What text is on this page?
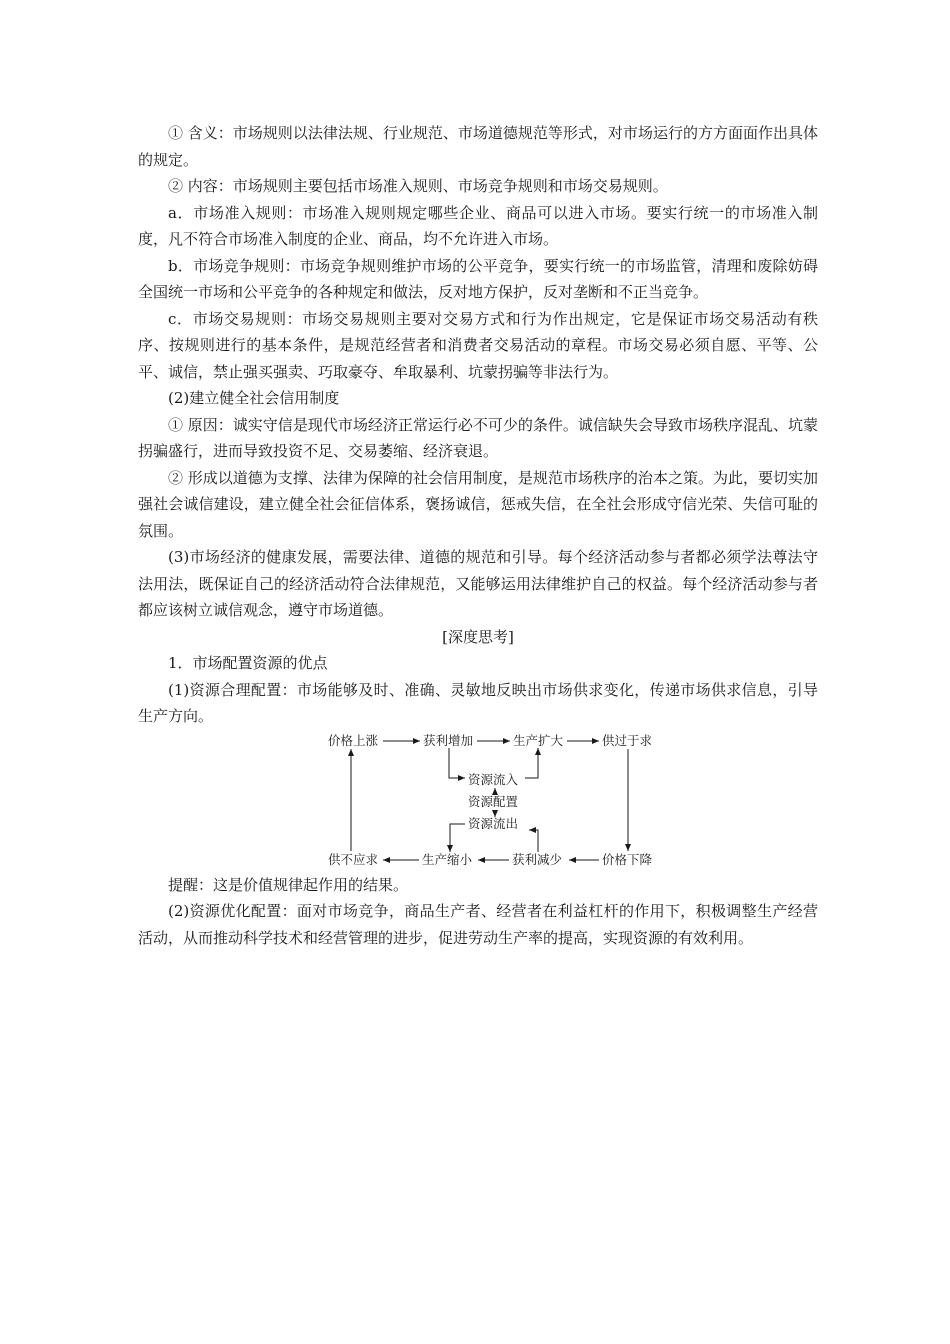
① 含义：市场规则以法律法规、行业规范、市场道德规范等形式，对市场运行的方方面面作出具体的规定。

② 内容：市场规则主要包括市场准入规则、市场竞争规则和市场交易规则。

a．市场准入规则：市场准入规则规定哪些企业、商品可以进入市场。要实行统一的市场准入制度，凡不符合市场准入制度的企业、商品，均不允许进入市场。

b．市场竞争规则：市场竞争规则维护市场的公平竞争，要实行统一的市场监管，清理和废除妨碍全国统一市场和公平竞争的各种规定和做法，反对地方保护，反对垄断和不正当竞争。

c．市场交易规则：市场交易规则主要对交易方式和行为作出规定，它是保证市场交易活动有秩序、按规则进行的基本条件，是规范经营者和消费者交易活动的章程。市场交易必须自愿、平等、公平、诚信，禁止强买强卖、巧取豪夺、牟取暴利、坑蒙拐骗等非法行为。

(2)建立健全社会信用制度

① 原因：诚实守信是现代市场经济正常运行必不可少的条件。诚信缺失会导致市场秩序混乱、坑蒙拐骗盛行，进而导致投资不足、交易萎缩、经济衰退。

② 形成以道德为支撑、法律为保障的社会信用制度，是规范市场秩序的治本之策。为此，要切实加强社会诚信建设，建立健全社会征信体系，褒扬诚信，惩戒失信，在全社会形成守信光荣、失信可耻的氛围。

(3)市场经济的健康发展，需要法律、道德的规范和引导。每个经济活动参与者都必须学法尊法守法用法，既保证自己的经济活动符合法律规范，又能够运用法律维护自己的权益。每个经济活动参与者都应该树立诚信观念，遵守市场道德。

[深度思考]

1．市场配置资源的优点

(1)资源合理配置：市场能够及时、准确、灵敏地反映出市场供求变化，传递市场供求信息，引导生产方向。

价格上涨	获利增加	生产扩大	供过于求
资源流入
资源配置
资源流出
供不应求	生产缩小	获利减少	价格下降

提醒：这是价值规律起作用的结果。

(2)资源优化配置：面对市场竞争，商品生产者、经营者在利益杠杆的作用下，积极调整生产经营活动，从而推动科学技术和经营管理的进步，促进劳动生产率的提高，实现资源的有效利用。
